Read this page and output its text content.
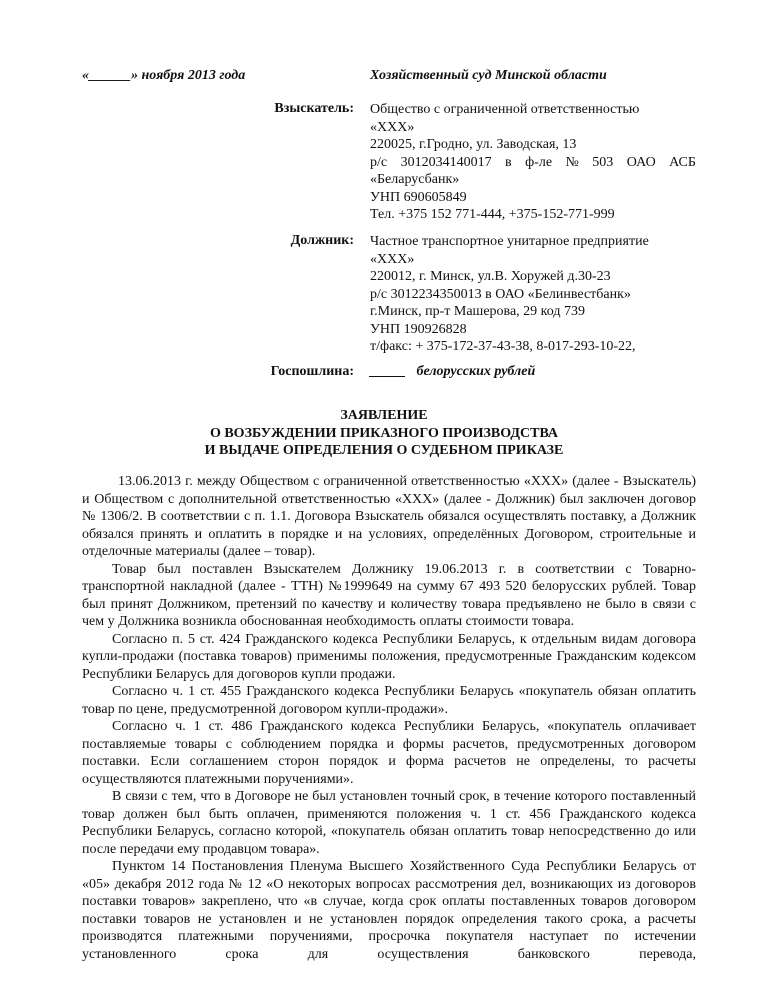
«______» ноября 2013 года	Хозяйственный суд Минской области
Взыскатель: Общество с ограниченной ответственностью
«ХХХ»
220025, г.Гродно, ул. Заводская, 13
р/с 3012034140017 в ф-ле № 503 ОАО АСБ
«Беларусбанк»
УНП 690605849
Тел. +375 152 771-444, +375-152-771-999
Должник: Частное транспортное унитарное предприятие
«ХХХ»
220012, г. Минск, ул.В. Хоружей д.30-23
р/с 3012234350013 в ОАО «Белинвестбанк»
г.Минск, пр-т Машерова, 29 код 739
УНП 190926828
т/факс: + 375-172-37-43-38, 8-017-293-10-22,
Госпошлина: _____ белорусских рублей
ЗАЯВЛЕНИЕ
О ВОЗБУЖДЕНИИ ПРИКАЗНОГО ПРОИЗВОДСТВА
И ВЫДАЧЕ ОПРЕДЕЛЕНИЯ О СУДЕБНОМ ПРИКАЗЕ

13.06.2013 г. между Обществом с ограниченной ответственностью «ХХХ» (далее - Взыскатель) и Обществом с дополнительной ответственностью «ХХХ» (далее - Должник) был заключен договор № 1306/2. В соответствии с п. 1.1. Договора Взыскатель обязался осуществлять поставку, а Должник обязался принять и оплатить в порядке и на условиях, определённых Договором, строительные и отделочные материалы (далее – товар).

Товар был поставлен Взыскателем Должнику 19.06.2013 г. в соответствии с Товарно-транспортной накладной (далее - ТТН) №1999649 на сумму 67 493 520 белорусских рублей. Товар был принят Должником, претензий по качеству и количеству товара предъявлено не было в связи с чем у Должника возникла обоснованная необходимость оплаты стоимости товара.

Согласно п. 5 ст. 424 Гражданского кодекса Республики Беларусь, к отдельным видам договора купли-продажи (поставка товаров) применимы положения, предусмотренные Гражданским кодексом Республики Беларусь для договоров купли продажи.

Согласно ч. 1 ст. 455 Гражданского кодекса Республики Беларусь «покупатель обязан оплатить товар по цене, предусмотренной договором купли-продажи».

Согласно ч. 1 ст. 486 Гражданского кодекса Республики Беларусь, «покупатель оплачивает поставляемые товары с соблюдением порядка и формы расчетов, предусмотренных договором поставки. Если соглашением сторон порядок и форма расчетов не определены, то расчеты осуществляются платежными поручениями».

В связи с тем, что в Договоре не был установлен точный срок, в течение которого поставленный товар должен был быть оплачен, применяются положения ч. 1 ст. 456 Гражданского кодекса Республики Беларусь, согласно которой, «покупатель обязан оплатить товар непосредственно до или после передачи ему продавцом товара».

Пунктом 14 Постановления Пленума Высшего Хозяйственного Суда Республики Беларусь от «05» декабря 2012 года № 12 «О некоторых вопросах рассмотрения дел, возникающих из договоров поставки товаров» закреплено, что «в случае, когда срок оплаты поставленных товаров договором поставки товаров не установлен и не установлен порядок определения такого срока, а расчеты производятся платежными поручениями, просрочка покупателя наступает по истечении установленного срока для осуществления банковского перевода,
